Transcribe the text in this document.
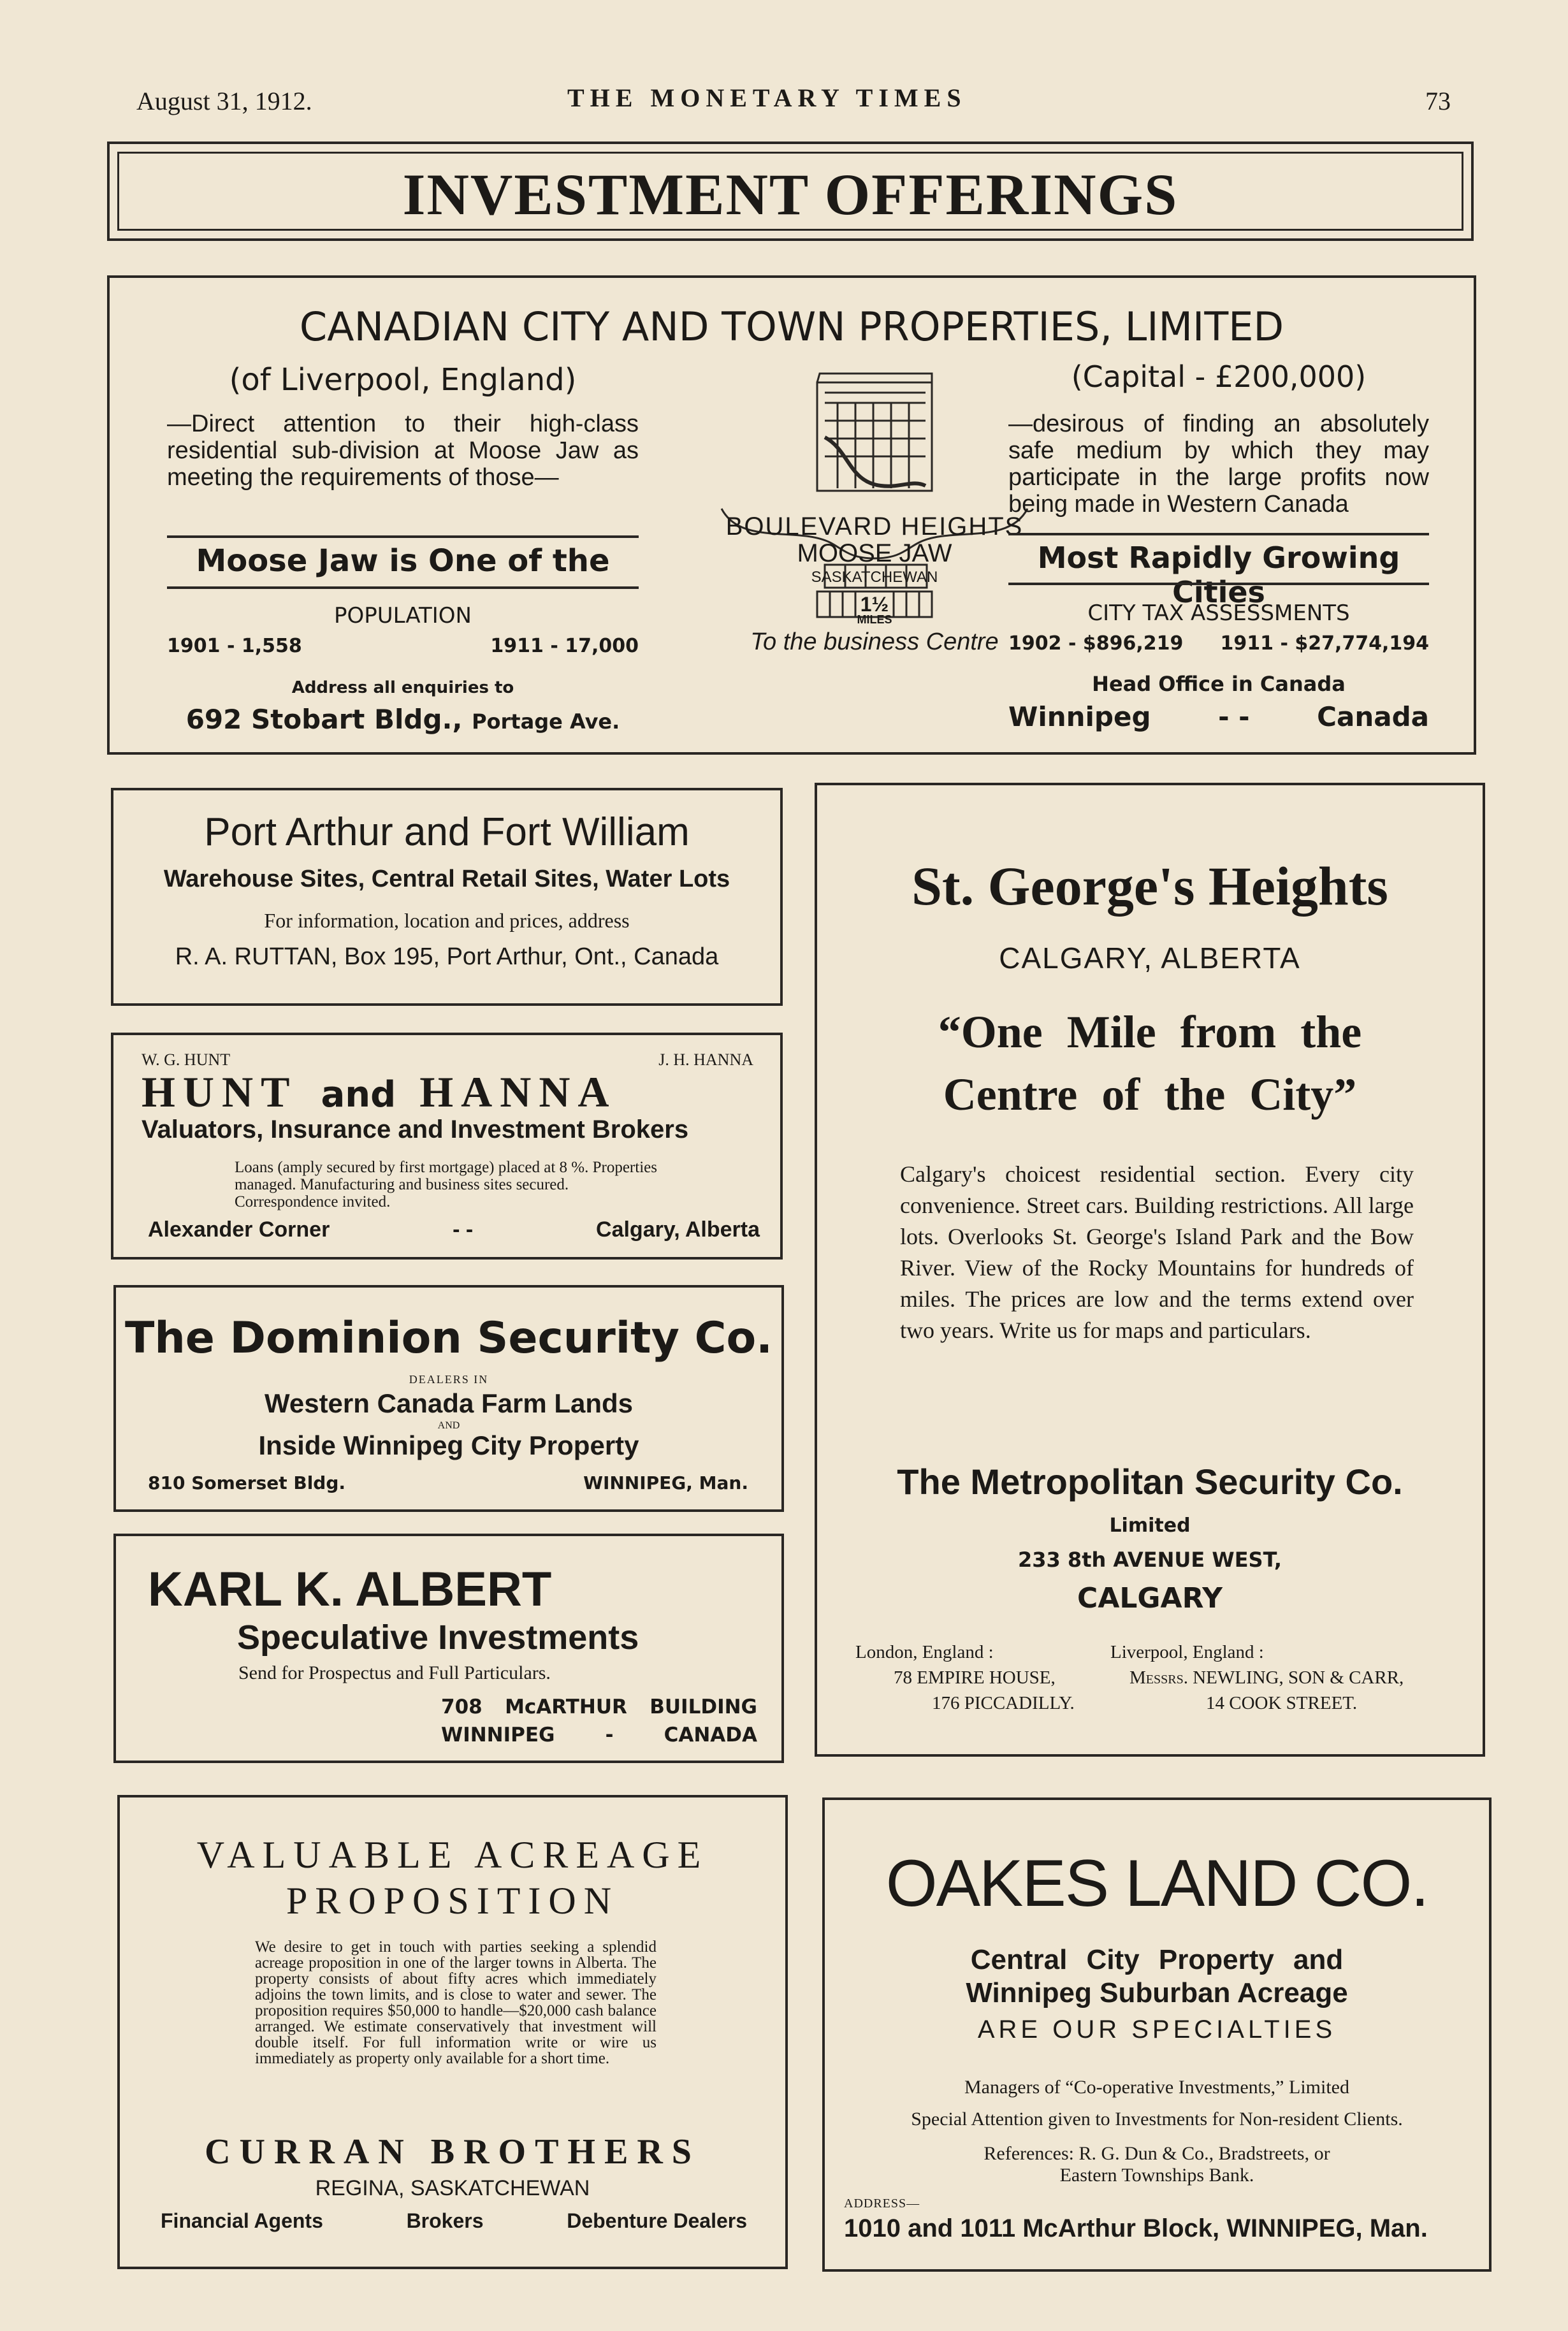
August 31, 1912.	THE MONETARY TIMES	73
INVESTMENT OFFERINGS
CANADIAN CITY AND TOWN PROPERTIES, LIMITED
(of Liverpool, England)

—Direct attention to their high-class residential sub-division at Moose Jaw as meeting the requirements of those—

Moose Jaw is One of the
POPULATION
1901 - 1,558	1911 - 17,000
Address all enquiries to
692 Stobart Bldg., Portage Ave.
BOULEVARD HEIGHTS
MOOSE JAW
SASKATCHEWAN
1½
MILES
To the business Centre
(Capital - £200,000)

—desirous of finding an absolutely safe medium by which they may participate in the large profits now being made in Western Canada

Most Rapidly Growing Cities
CITY TAX ASSESSMENTS
1902 - $896,219 1911 - $27,774,194
Head Office in Canada
Winnipeg	- -	Canada
Port Arthur and Fort William
Warehouse Sites, Central Retail Sites, Water Lots
For information, location and prices, address
R. A. RUTTAN, Box 195, Port Arthur, Ont., Canada
W. G. HUNT	J. H. HANNA
HUNT and HANNA
Valuators, Insurance and Investment Brokers

Loans (amply secured by first mortgage) placed at 8 %. Properties managed. Manufacturing and business sites secured. Correspondence invited.

Alexander Corner	- -	Calgary, Alberta
The Dominion Security Co.
DEALERS IN
Western Canada Farm Lands
AND
Inside Winnipeg City Property
810 Somerset Bldg.	WINNIPEG, Man.
KARL K. ALBERT
Speculative Investments
Send for Prospectus and Full Particulars.
708 McARTHUR BUILDING
WINNIPEG	-	CANADA
VALUABLE ACREAGE
PROPOSITION

We desire to get in touch with parties seeking a splendid acreage proposition in one of the larger towns in Alberta. The property consists of about fifty acres which immediately adjoins the town limits, and is close to water and sewer. The proposition requires $50,000 to handle—$20,000 cash balance arranged. We estimate conservatively that investment will double itself. For full information write or wire us immediately as property only available for a short time.

CURRAN BROTHERS
REGINA, SASKATCHEWAN
Financial Agents	Brokers	Debenture Dealers
St. George's Heights
CALGARY, ALBERTA
“One Mile from the
Centre of the City”

Calgary's choicest residential section. Every city convenience. Street cars. Building restrictions. All large lots. Overlooks St. George's Island Park and the Bow River. View of the Rocky Mountains for hundreds of miles. The prices are low and the terms extend over two years. Write us for maps and particulars.

The Metropolitan Security Co.
Limited
233 8th AVENUE WEST,
CALGARY
London, England :
78 EMPIRE HOUSE,
176 PICCADILLY.
Liverpool, England :
Messrs. NEWLING, SON & CARR,
14 COOK STREET.
OAKES LAND CO.
Central City Property and
Winnipeg Suburban Acreage
ARE OUR SPECIALTIES
Managers of “Co-operative Investments,” Limited
Special Attention given to Investments for Non-resident Clients.
References: R. G. Dun & Co., Bradstreets, or
Eastern Townships Bank.
ADDRESS—
1010 and 1011 McArthur Block, WINNIPEG, Man.
